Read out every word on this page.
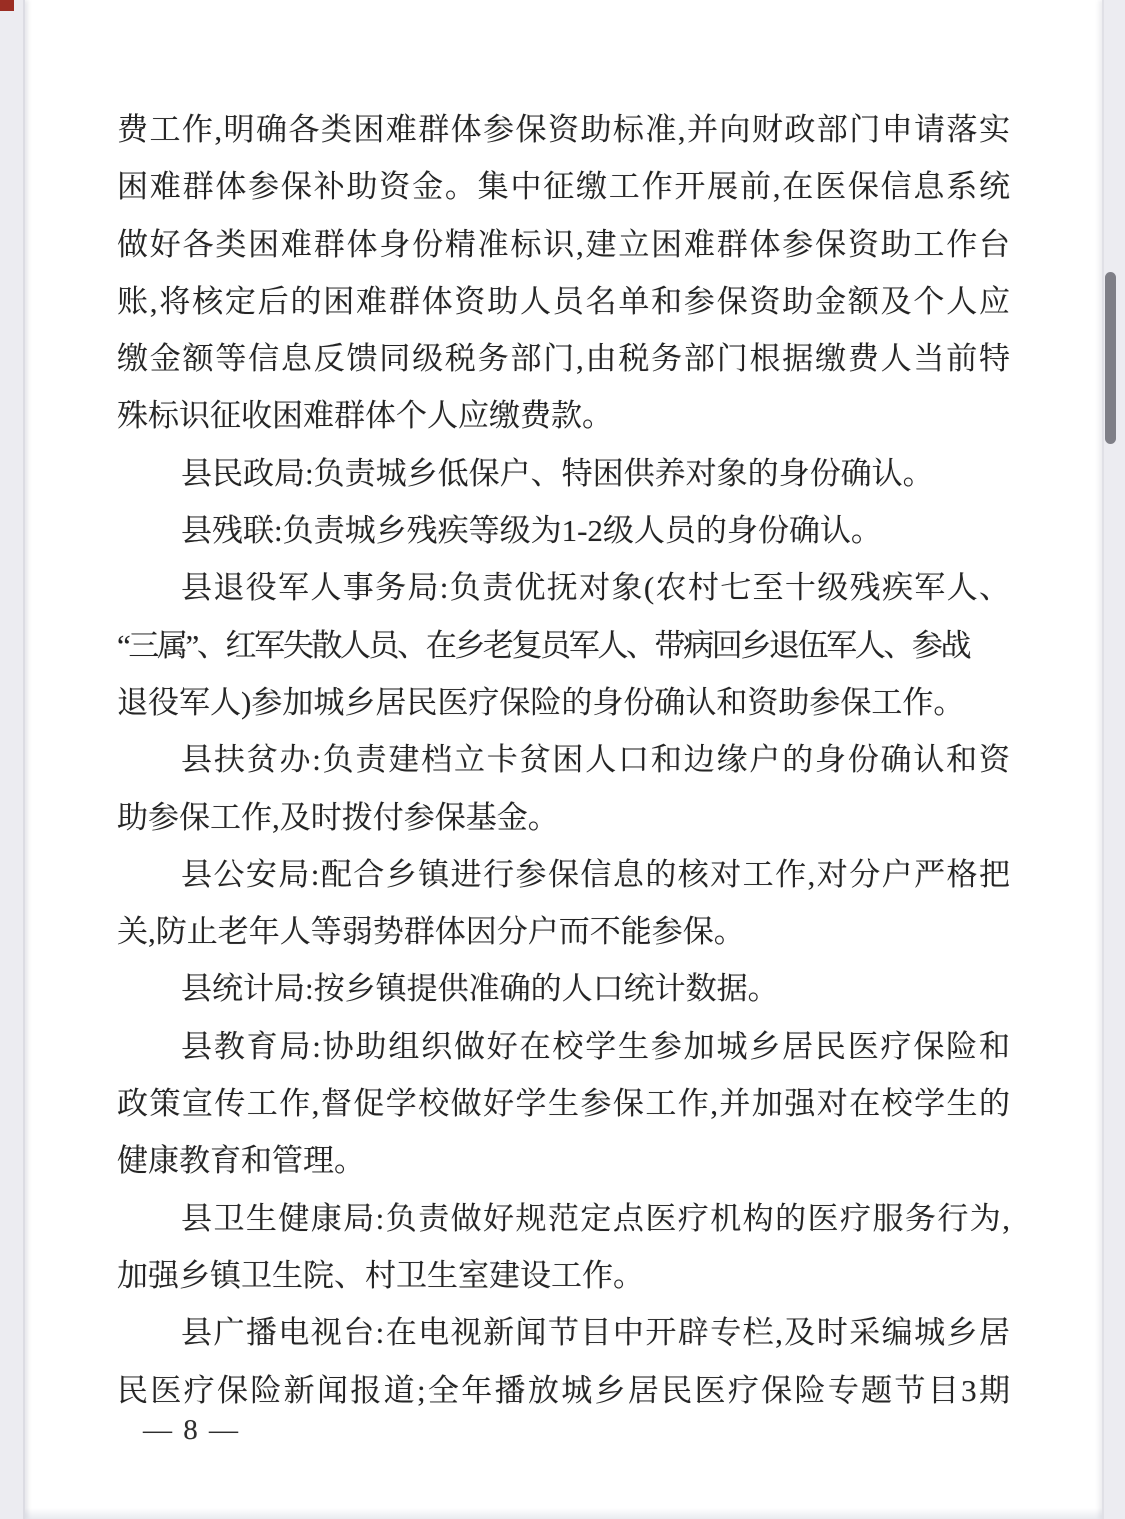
费工作,明确各类困难群体参保资助标准,并向财政部门申请落实
困难群体参保补助资金。集中征缴工作开展前,在医保信息系统
做好各类困难群体身份精准标识,建立困难群体参保资助工作台
账,将核定后的困难群体资助人员名单和参保资助金额及个人应
缴金额等信息反馈同级税务部门,由税务部门根据缴费人当前特
殊标识征收困难群体个人应缴费款。
县民政局:负责城乡低保户、特困供养对象的身份确认。
县残联:负责城乡残疾等级为1-2级人员的身份确认。
县退役军人事务局:负责优抚对象(农村七至十级残疾军人、
“三属”、红军失散人员、在乡老复员军人、带病回乡退伍军人、参战
退役军人)参加城乡居民医疗保险的身份确认和资助参保工作。
县扶贫办:负责建档立卡贫困人口和边缘户的身份确认和资
助参保工作,及时拨付参保基金。
县公安局:配合乡镇进行参保信息的核对工作,对分户严格把
关,防止老年人等弱势群体因分户而不能参保。
县统计局:按乡镇提供准确的人口统计数据。
县教育局:协助组织做好在校学生参加城乡居民医疗保险和
政策宣传工作,督促学校做好学生参保工作,并加强对在校学生的
健康教育和管理。
县卫生健康局:负责做好规范定点医疗机构的医疗服务行为,
加强乡镇卫生院、村卫生室建设工作。
县广播电视台:在电视新闻节目中开辟专栏,及时采编城乡居
民医疗保险新闻报道;全年播放城乡居民医疗保险专题节目3期
— 8 —
